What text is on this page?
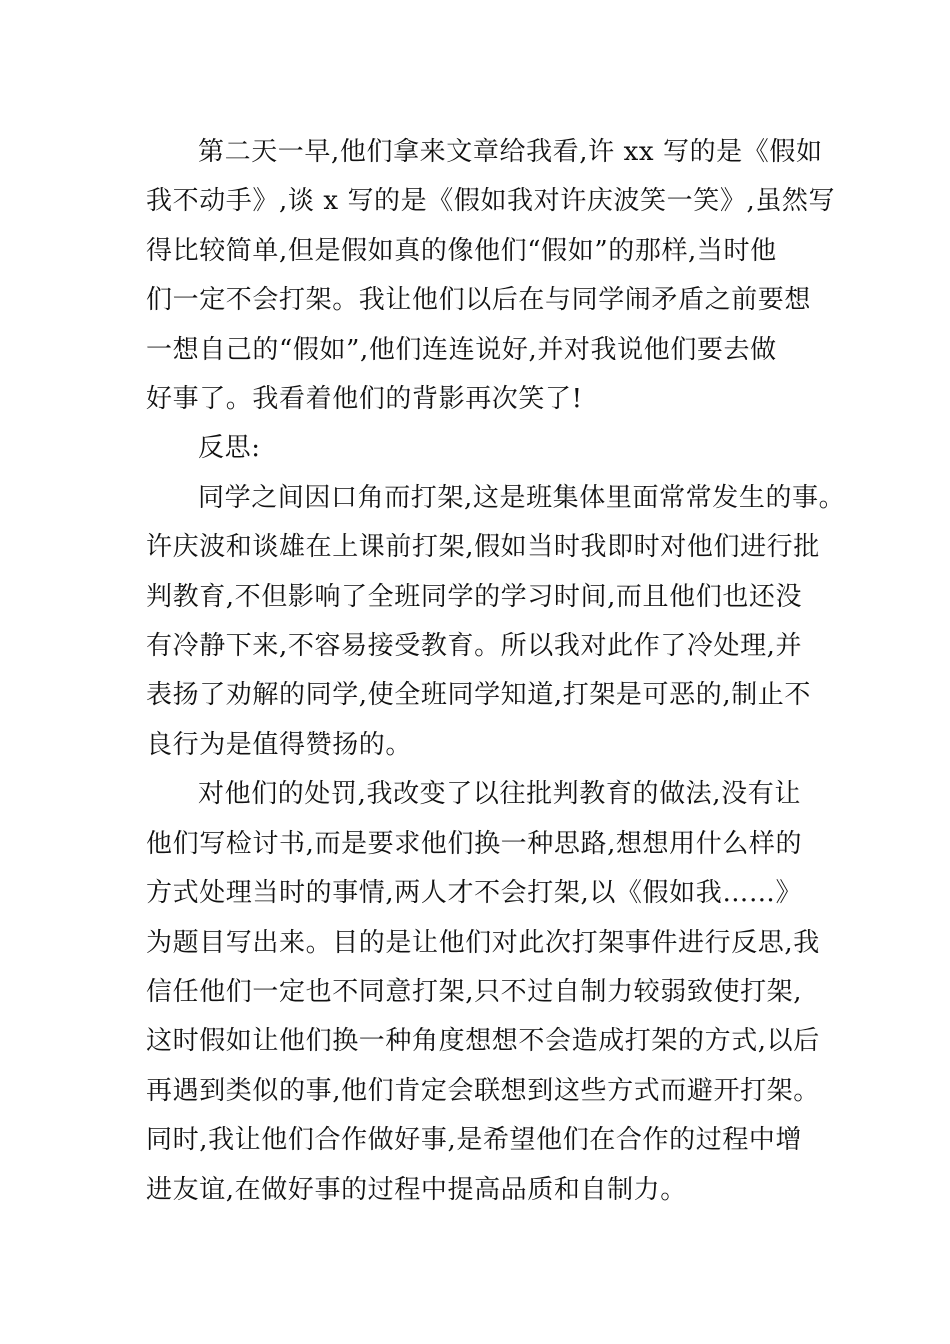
第二天一早,他们拿来文章给我看,许 xx 写的是《假如
我不动手》,谈 x 写的是《假如我对许庆波笑一笑》,虽然写
得比较简单,但是假如真的像他们“假如”的那样,当时他
们一定不会打架。我让他们以后在与同学闹矛盾之前要想
一想自己的“假如”,他们连连说好,并对我说他们要去做
好事了。我看着他们的背影再次笑了!

反思:

同学之间因口角而打架,这是班集体里面常常发生的事。
许庆波和谈雄在上课前打架,假如当时我即时对他们进行批
判教育,不但影响了全班同学的学习时间,而且他们也还没
有冷静下来,不容易接受教育。所以我对此作了冷处理,并
表扬了劝解的同学,使全班同学知道,打架是可恶的,制止不
良行为是值得赞扬的。

对他们的处罚,我改变了以往批判教育的做法,没有让
他们写检讨书,而是要求他们换一种思路,想想用什么样的
方式处理当时的事情,两人才不会打架,以《假如我……》
为题目写出来。目的是让他们对此次打架事件进行反思,我
信任他们一定也不同意打架,只不过自制力较弱致使打架,
这时假如让他们换一种角度想想不会造成打架的方式,以后
再遇到类似的事,他们肯定会联想到这些方式而避开打架。
同时,我让他们合作做好事,是希望他们在合作的过程中增
进友谊,在做好事的过程中提高品质和自制力。
